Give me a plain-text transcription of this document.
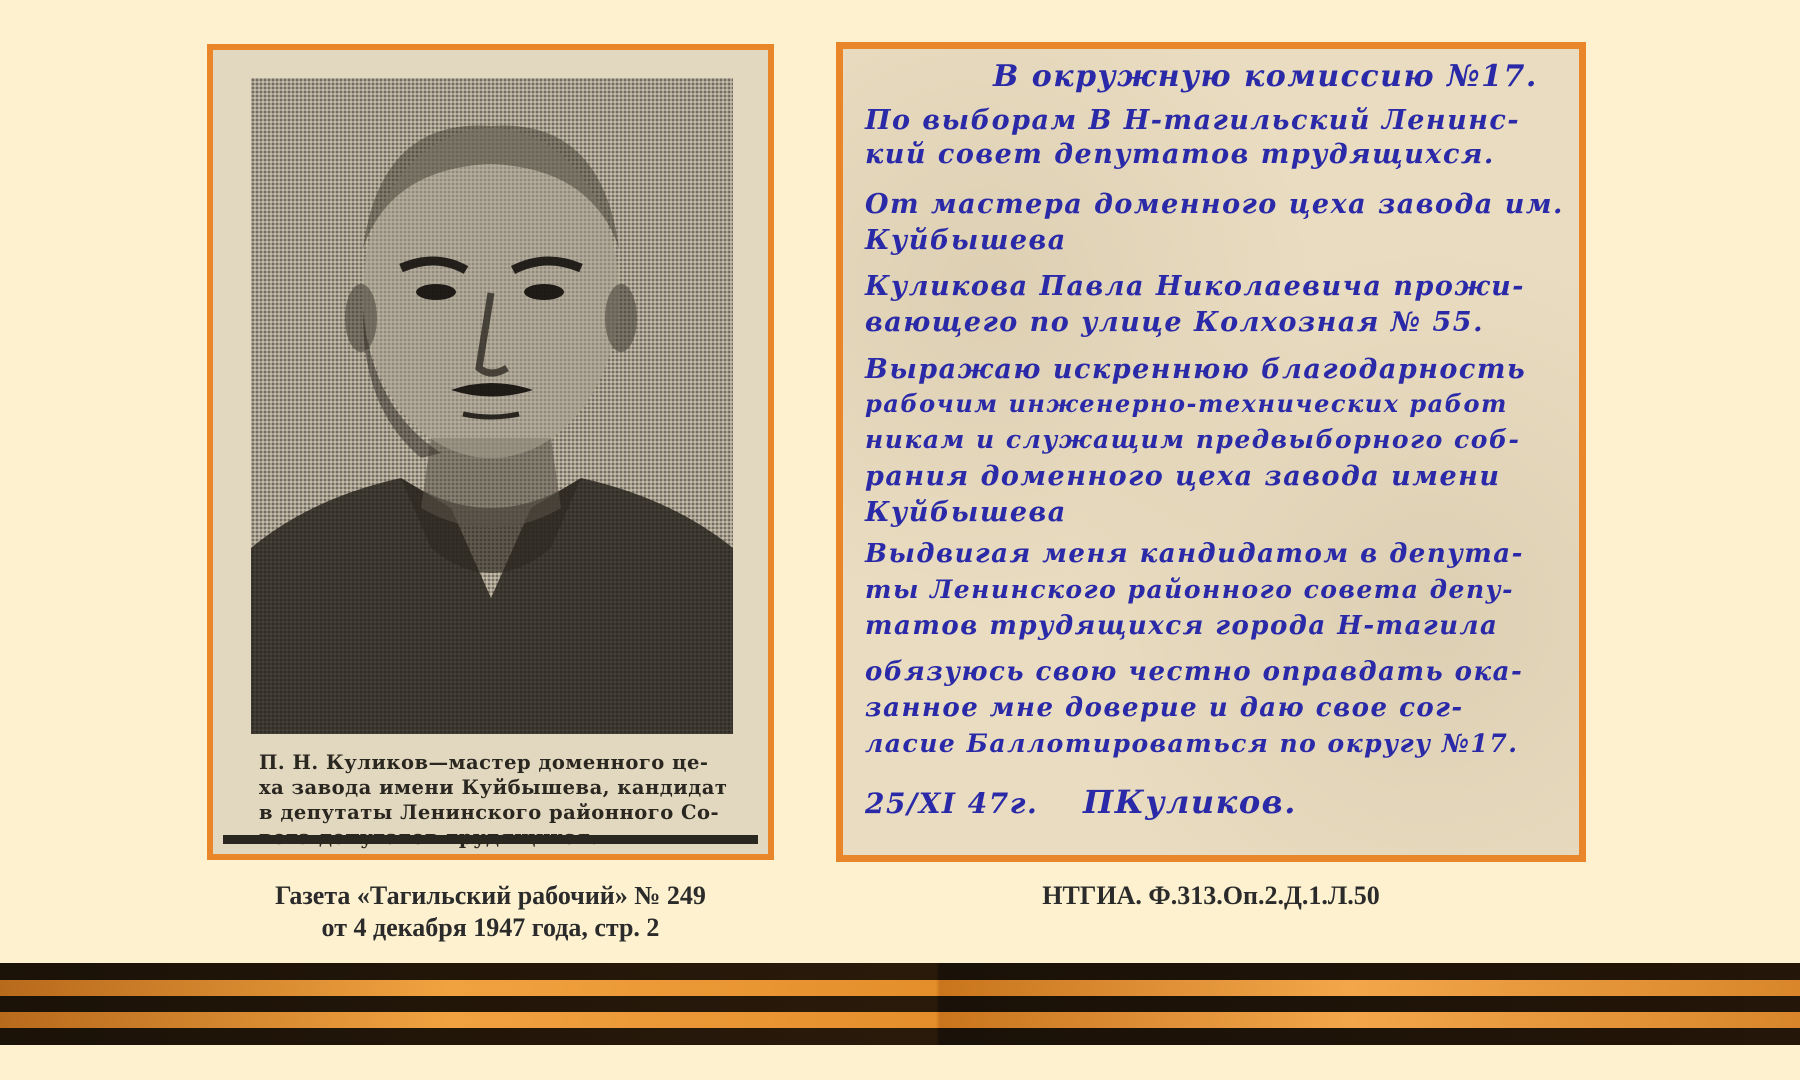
П. Н. Куликов—мастер доменного це-
ха завода имени Куйбышева, кандидат
в депутаты Ленинского районного Со-
В окружную комиссию №17.
По выборам В Н-тагильский Ленинс-
кий совет депутатов трудящихся.
От мастера доменного цеха завода им.
Куйбышева
Куликова Павла Николаевича прожи-
вающего по улице Колхозная № 55.
Выражаю искреннюю благодарность
рабочим инженерно-технических работ
никам и служащим предвыборного соб-
рания доменного цеха завода имени
Куйбышева
Выдвигая меня кандидатом в депута-
ты Ленинского районного совета депу-
татов трудящихся города Н-тагила
обязуюсь свою честно оправдать ока-
занное мне доверие и даю свое сог-
ласие Баллотироваться по округу №17.
25/XI 47г. ПКуликов.
Газета «Тагильский рабочий» № 249
от 4 декабря 1947 года, стр. 2
НТГИА. Ф.313.Оп.2.Д.1.Л.50
